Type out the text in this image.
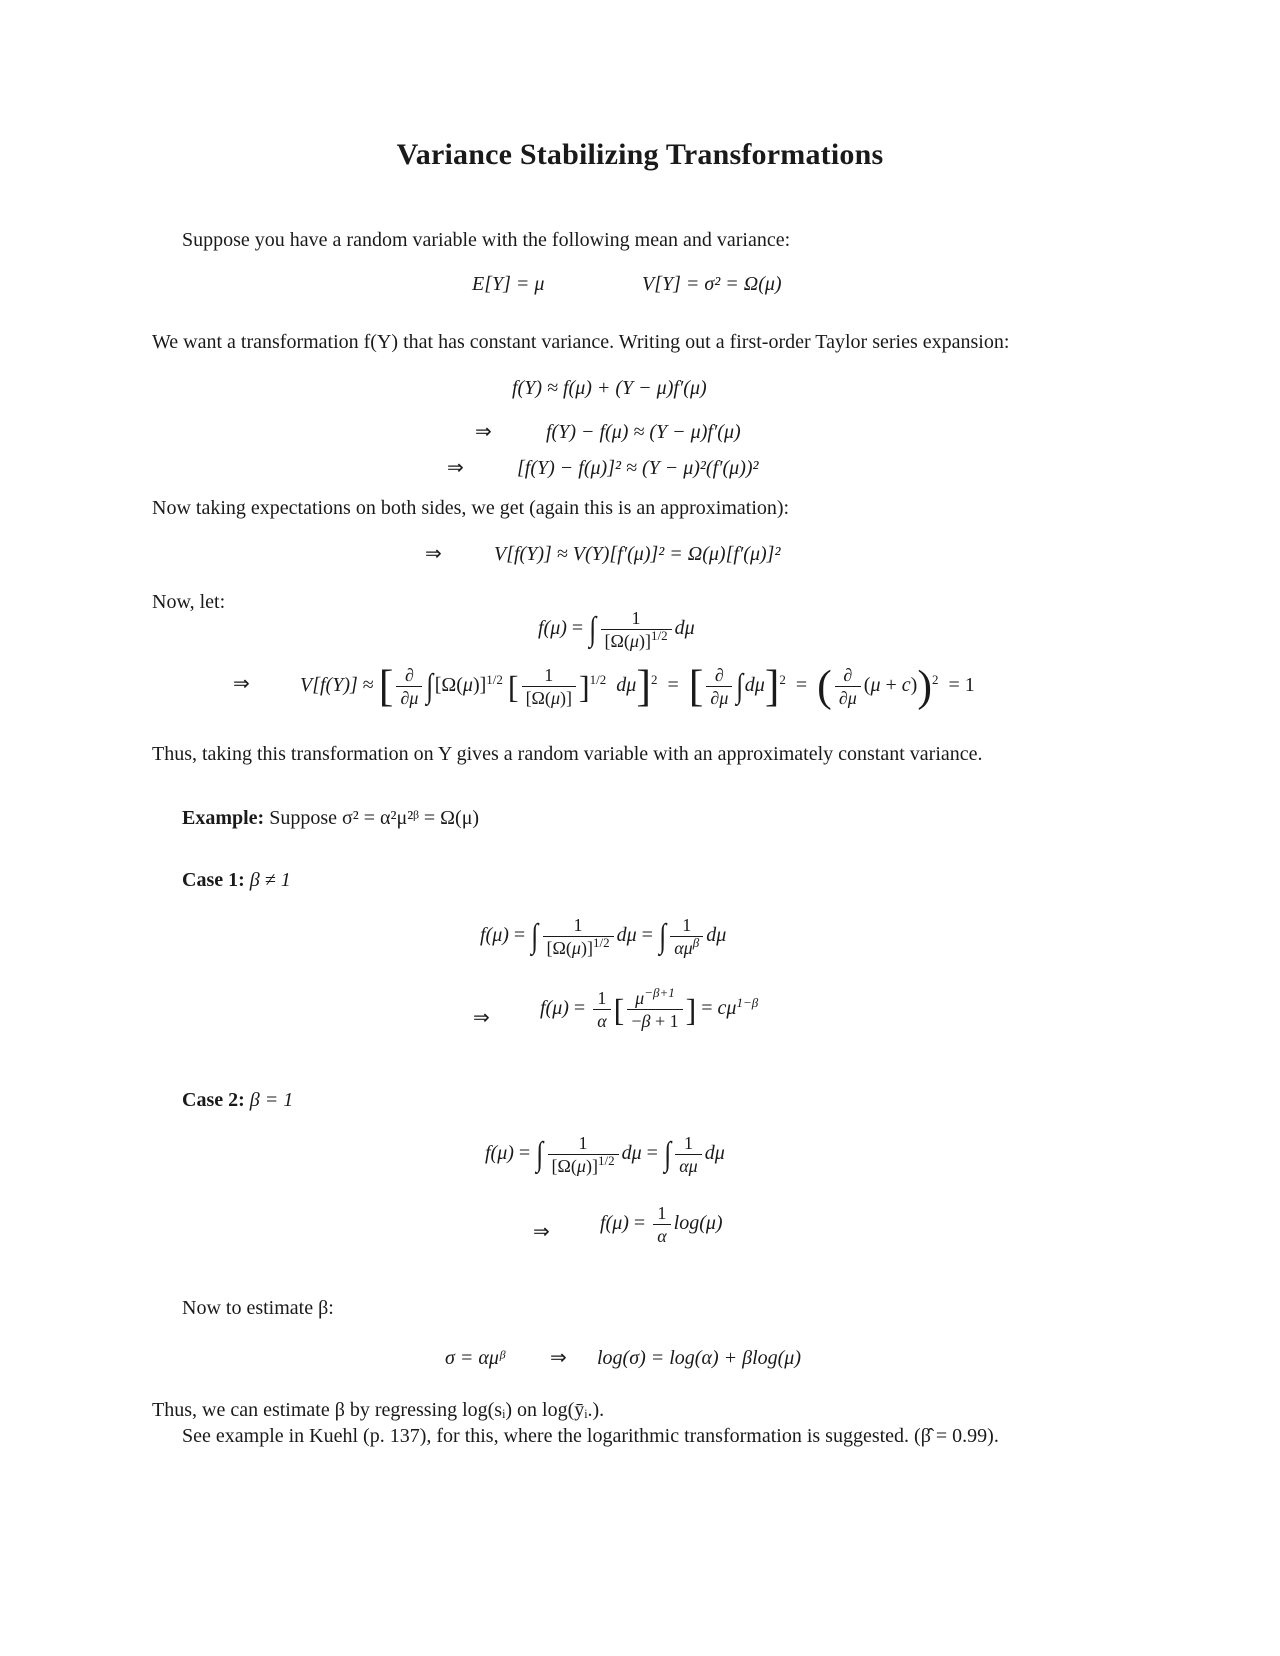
Variance Stabilizing Transformations
Suppose you have a random variable with the following mean and variance:
E[Y] = μ	V[Y] = σ² = Ω(μ)
We want a transformation f(Y) that has constant variance. Writing out a first-order Taylor series expansion:
f(Y) ≈ f(μ) + (Y − μ)f′(μ)
⇒	f(Y) − f(μ) ≈ (Y − μ)f′(μ)
⇒	[f(Y) − f(μ)]² ≈ (Y − μ)²(f′(μ))²
Now taking expectations on both sides, we get (again this is an approximation):
⇒	V[f(Y)] ≈ V(Y)[f′(μ)]² = Ω(μ)[f′(μ)]²
Now, let:
f(μ) = ∫ $\frac{1}{[\Omega(\mu)]^{1/2}}$ dμ
⇒	V[f(Y)] ≈ [ $\frac{\partial}{\partial\mu} \int[\Omega(\mu)]^{1/2}$ [ $\frac{1}{[\Omega(\mu)]} ]^{1/2}$  dμ]$^2$  =  [ $\frac{\partial}{\partial\mu} \int d\mu]^2$  =  ( $\frac{\partial}{\partial\mu} (\mu + c))^2 = 1$
Thus, taking this transformation on Y gives a random variable with an approximately constant variance.
Example: Suppose σ² = α²μ²ᵝ = Ω(μ)
Case 1: β ≠ 1
f(μ) = ∫ $\frac{1}{[\Omega(\mu)]^{1/2}}$ dμ = ∫ $\frac{1}{\alpha\mu^\beta}$ dμ
⇒	$f(\mu) = \frac{1}{\alpha}$ [ $\frac{\mu^{-\beta+1}}{-\beta + 1}$ ] = $c\mu^{1-\beta}$
Case 2: β = 1
f(μ) = ∫ $\frac{1}{[\Omega(\mu)]^{1/2}}$ dμ = ∫ $\frac{1}{\alpha\mu}$ dμ
⇒	$f(\mu) = \frac{1}{\alpha} \log(\mu)$
Now to estimate β:
σ = αμᵝ ⇒ log(σ) = log(α) + βlog(μ)
Thus, we can estimate β by regressing log(sᵢ) on log(ȳᵢ.).
See example in Kuehl (p. 137), for this, where the logarithmic transformation is suggested. (β̂ = 0.99).
